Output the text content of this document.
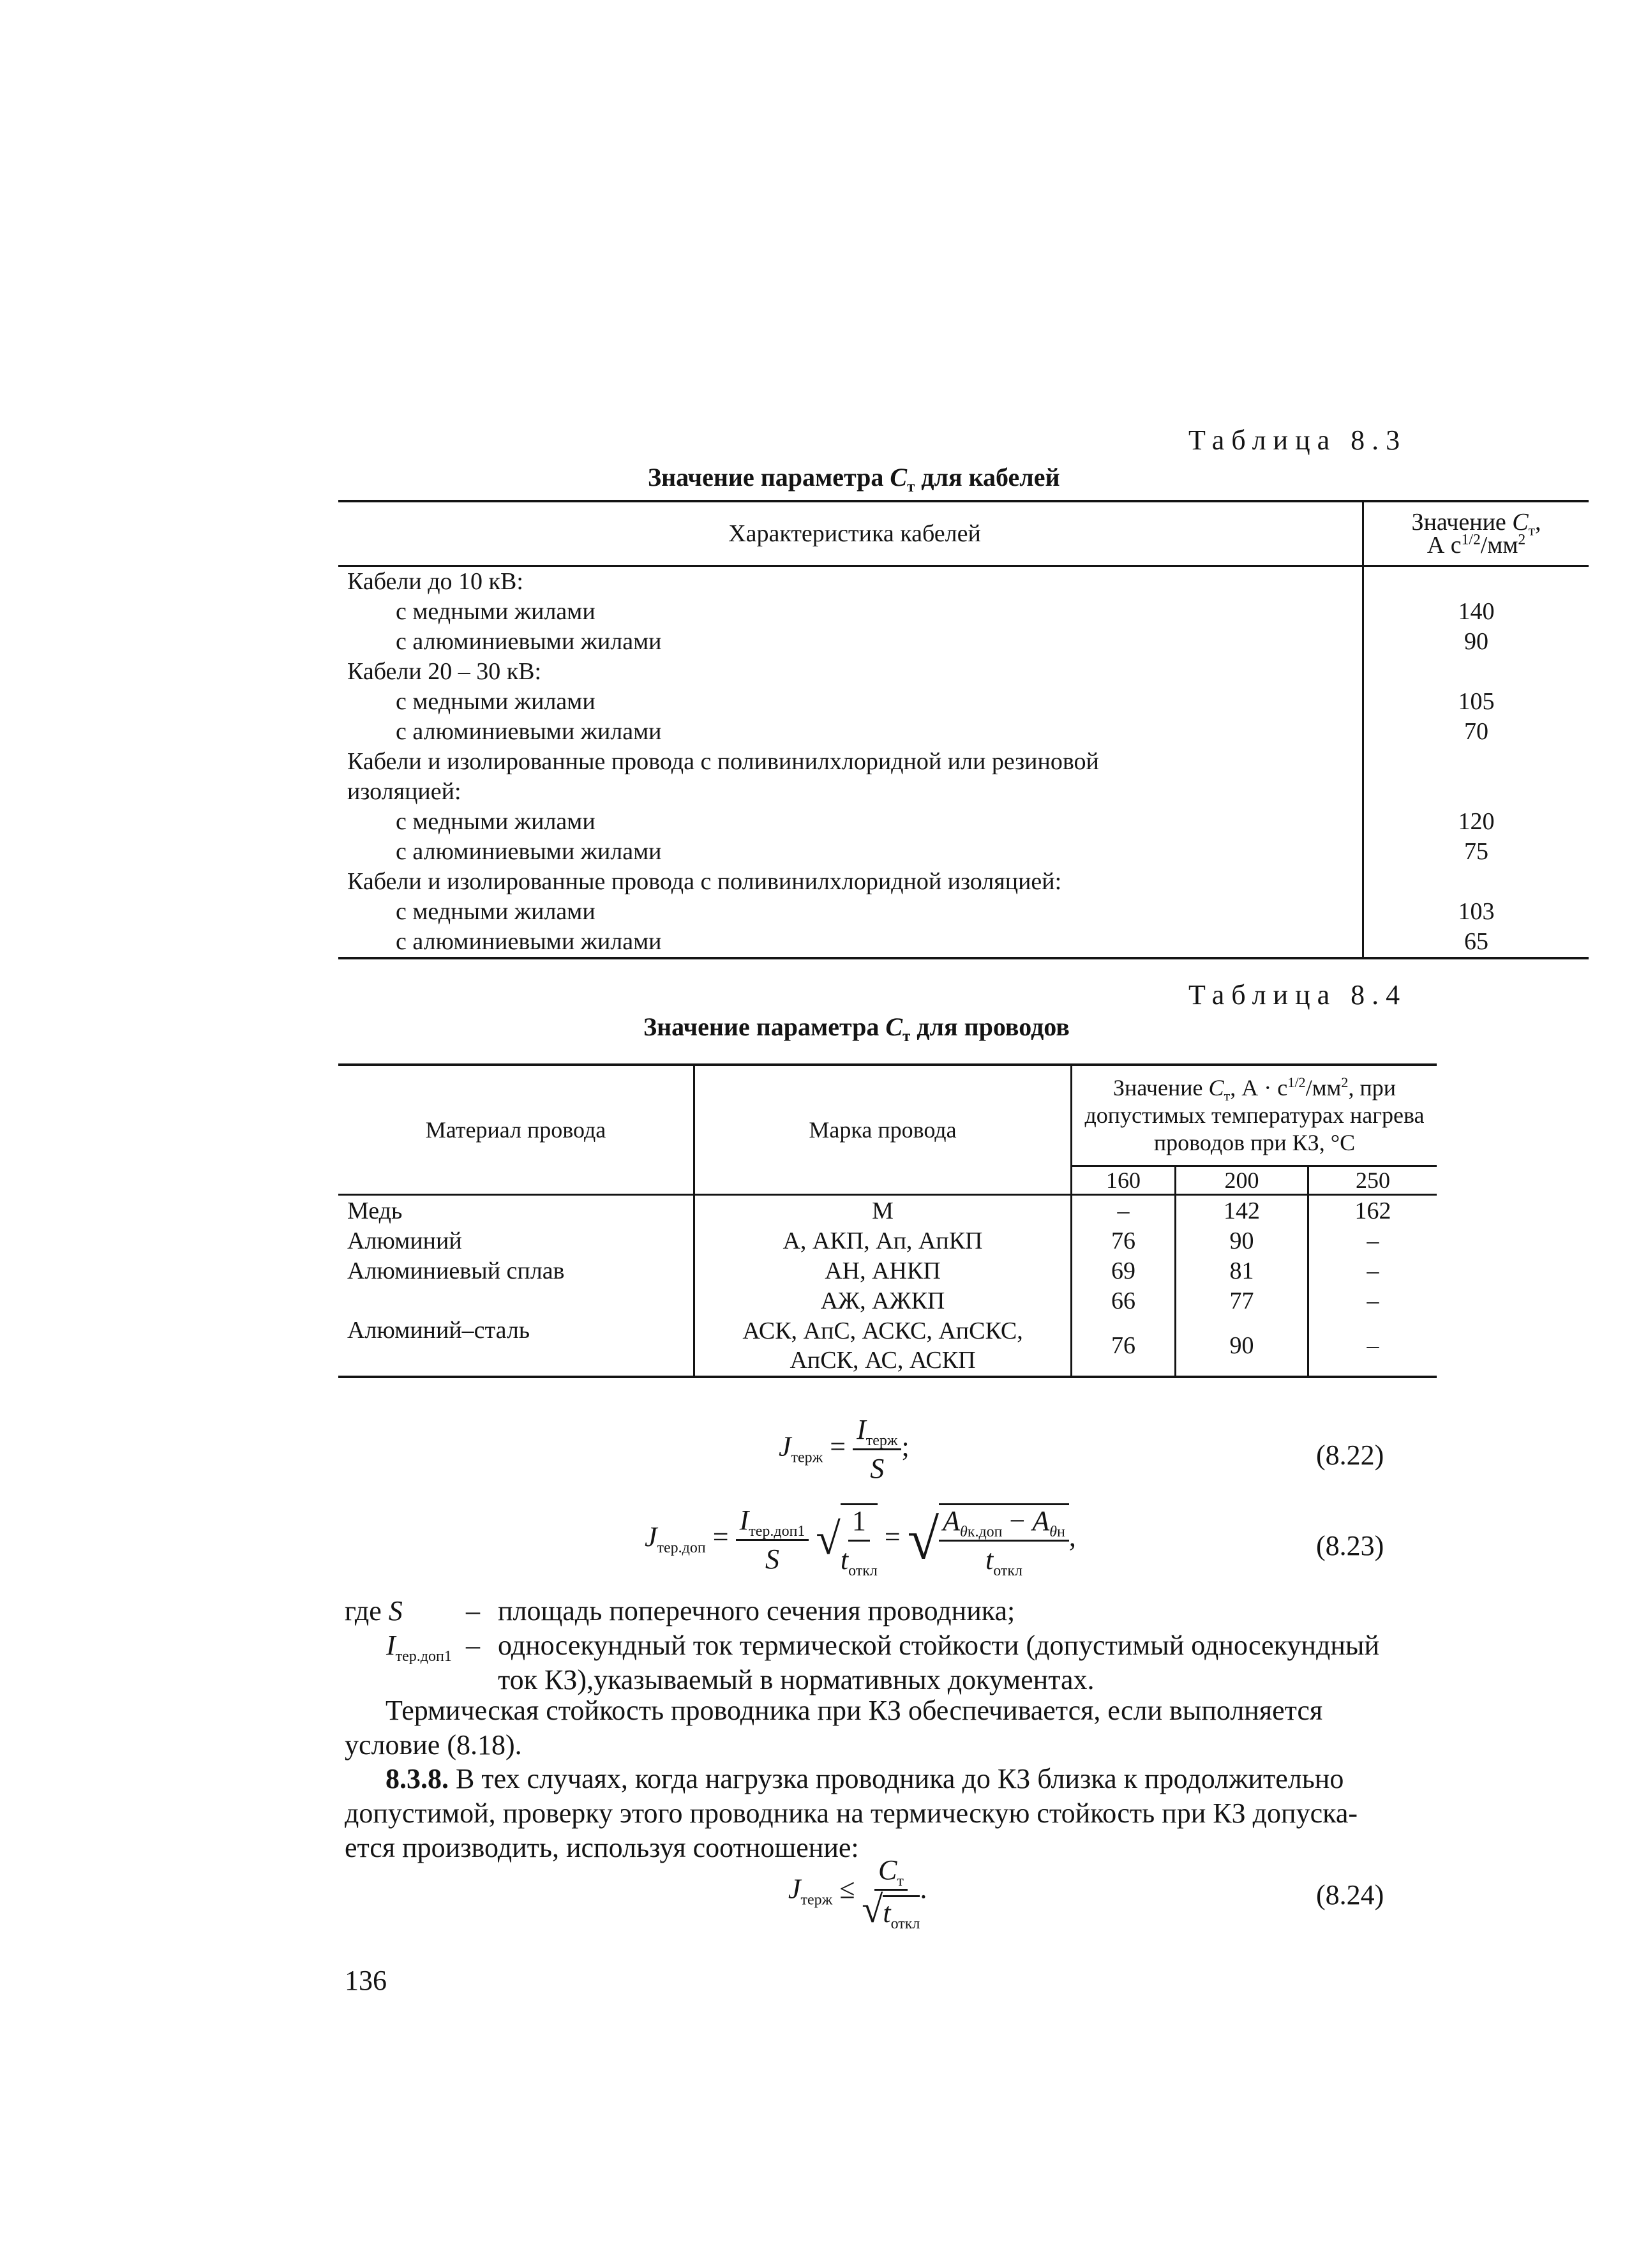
Таблица 8.3
Значение параметра $C_т$ для кабелей
Характеристика кабелей	Значение $C_т$,
А $с^{1/2}/мм^2$
Кабели до 10 кВ:	
с медными жилами	140
с алюминиевыми жилами	90
Кабели 20 – 30 кВ:	
с медными жилами	105
с алюминиевыми жилами	70
Кабели и изолированные провода с поливинилхлоридной или резиновой изоляцией:	
с медными жилами	120
с алюминиевыми жилами	75
Кабели и изолированные провода с поливинилхлоридной изоляцией:	
с медными жилами	103
с алюминиевыми жилами	65
Таблица 8.4
Значение параметра $C_т$ для проводов
Материал провода	Марка провода	Значение $C_т$, $А \cdot с^{1/2}/мм^2$, при допустимых температурах нагрева проводов при КЗ, °С		
		160	200	250
Медь	М	–	142	162
Алюминий	А, АКП, Ап, АпКП	76	90	–
Алюминиевый сплав	АН, АНКП	69	81	–
	АЖ, АЖКП	66	77	–
Алюминий–сталь	АСК, АпС, АСКС, АпСКС, АпСК, АС, АСКП	76	90	–
$J_{терж} = \frac{I_{терж}}{S}$ ;	(8.22)
$J_{тер.доп} = \frac{I_{тер.доп1}}{S}$ √ $\frac{1}{t_{откл}}$ = √ $\frac{A_{\theta к.доп} - A_{\theta н}}{t_{откл}}$ ,	(8.23)
где S – площадь поперечного сечения проводника;
$I_{тер.доп1}$ – односекундный ток термической стойкости (допустимый односекундный
ток КЗ),указываемый в нормативных документах.
Термическая стойкость проводника при КЗ обеспечивается, если выполняется
условие (8.18).
8.3.8. В тех случаях, когда нагрузка проводника до КЗ близка к продолжительно
допустимой, проверку этого проводника на термическую стойкость при КЗ допуска-
ется производить, используя соотношение:
$J_{терж} \le \frac{C_т}{√t_{откл}}$ .	(8.24)
136
